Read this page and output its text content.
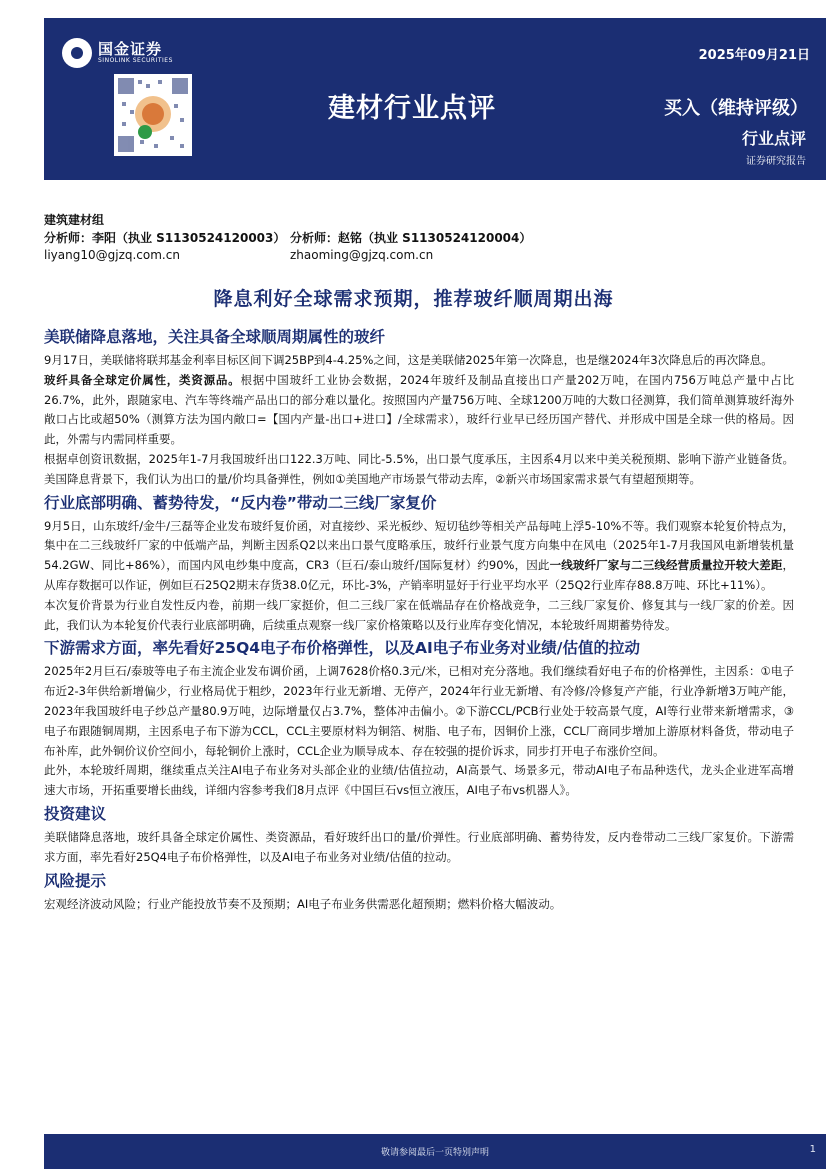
国金证券
SINOLINK SECURITIES
建材行业点评
2025年09月21日
买入（维持评级）
行业点评
证券研究报告
建筑建材组
分析师：李阳（执业 S1130524120003） 分析师：赵铭（执业 S1130524120004）
liyang10@gjzq.com.cn	zhaoming@gjzq.com.cn
降息利好全球需求预期，推荐玻纤顺周期出海
美联储降息落地，关注具备全球顺周期属性的玻纤

9月17日，美联储将联邦基金利率目标区间下调25BP到4-4.25%之间，这是美联储2025年第一次降息，也是继2024年3次降息后的再次降息。

玻纤具备全球定价属性，类资源品。根据中国玻纤工业协会数据，2024年玻纤及制品直接出口产量202万吨，在国内756万吨总产量中占比26.7%，此外，跟随家电、汽车等终端产品出口的部分难以量化。按照国内产量756万吨、全球1200万吨的大数口径测算，我们简单测算玻纤海外敞口占比或超50%（测算方法为国内敞口=【国内产量-出口+进口】/全球需求），玻纤行业早已经历国产替代、并形成中国是全球一供的格局。因此，外需与内需同样重要。

根据卓创资讯数据，2025年1-7月我国玻纤出口122.3万吨、同比-5.5%，出口景气度承压，主因系4月以来中美关税预期、影响下游产业链备货。美国降息背景下，我们认为出口的量/价均具备弹性，例如①美国地产市场景气带动去库，②新兴市场国家需求景气有望超预期等。

行业底部明确、蓄势待发，“反内卷”带动二三线厂家复价

9月5日，山东玻纤/金牛/三磊等企业发布玻纤复价函，对直接纱、采光板纱、短切毡纱等相关产品每吨上浮5-10%不等。我们观察本轮复价特点为，集中在二三线玻纤厂家的中低端产品，判断主因系Q2以来出口景气度略承压，玻纤行业景气度方向集中在风电（2025年1-7月我国风电新增装机量54.2GW、同比+86%），而国内风电纱集中度高，CR3（巨石/泰山玻纤/国际复材）约90%，因此一线玻纤厂家与二三线经营质量拉开较大差距，从库存数据可以作证，例如巨石25Q2期末存货38.0亿元，环比-3%，产销率明显好于行业平均水平（25Q2行业库存88.8万吨、环比+11%）。

本次复价背景为行业自发性反内卷，前期一线厂家挺价，但二三线厂家在低端品存在价格战竞争，二三线厂家复价、修复其与一线厂家的价差。因此，我们认为本轮复价代表行业底部明确，后续重点观察一线厂家价格策略以及行业库存变化情况，本轮玻纤周期蓄势待发。

下游需求方面，率先看好25Q4电子布价格弹性，以及AI电子布业务对业绩/估值的拉动

2025年2月巨石/泰玻等电子布主流企业发布调价函，上调7628价格0.3元/米，已相对充分落地。我们继续看好电子布的价格弹性，主因系：①电子布近2-3年供给新增偏少，行业格局优于粗纱，2023年行业无新增、无停产，2024年行业无新增、有冷修/冷修复产产能，行业净新增3万吨产能，2023年我国玻纤电子纱总产量80.9万吨，边际增量仅占3.7%，整体冲击偏小。②下游CCL/PCB行业处于较高景气度，AI等行业带来新增需求，③电子布跟随铜周期，主因系电子布下游为CCL，CCL主要原材料为铜箔、树脂、电子布，因铜价上涨，CCL厂商同步增加上游原材料备货，带动电子布补库，此外铜价议价空间小，每轮铜价上涨时，CCL企业为顺导成本、存在较强的提价诉求，同步打开电子布涨价空间。

此外，本轮玻纤周期，继续重点关注AI电子布业务对头部企业的业绩/估值拉动，AI高景气、场景多元，带动AI电子布品种迭代，龙头企业进军高增速大市场，开拓重要增长曲线，详细内容参考我们8月点评《中国巨石vs恒立液压，AI电子布vs机器人》。

投资建议

美联储降息落地，玻纤具备全球定价属性、类资源品，看好玻纤出口的量/价弹性。行业底部明确、蓄势待发，反内卷带动二三线厂家复价。下游需求方面，率先看好25Q4电子布价格弹性，以及AI电子布业务对业绩/估值的拉动。

风险提示

宏观经济波动风险；行业产能投放节奏不及预期；AI电子布业务供需恶化超预期；燃料价格大幅波动。

敬请参阅最后一页特别声明	1
